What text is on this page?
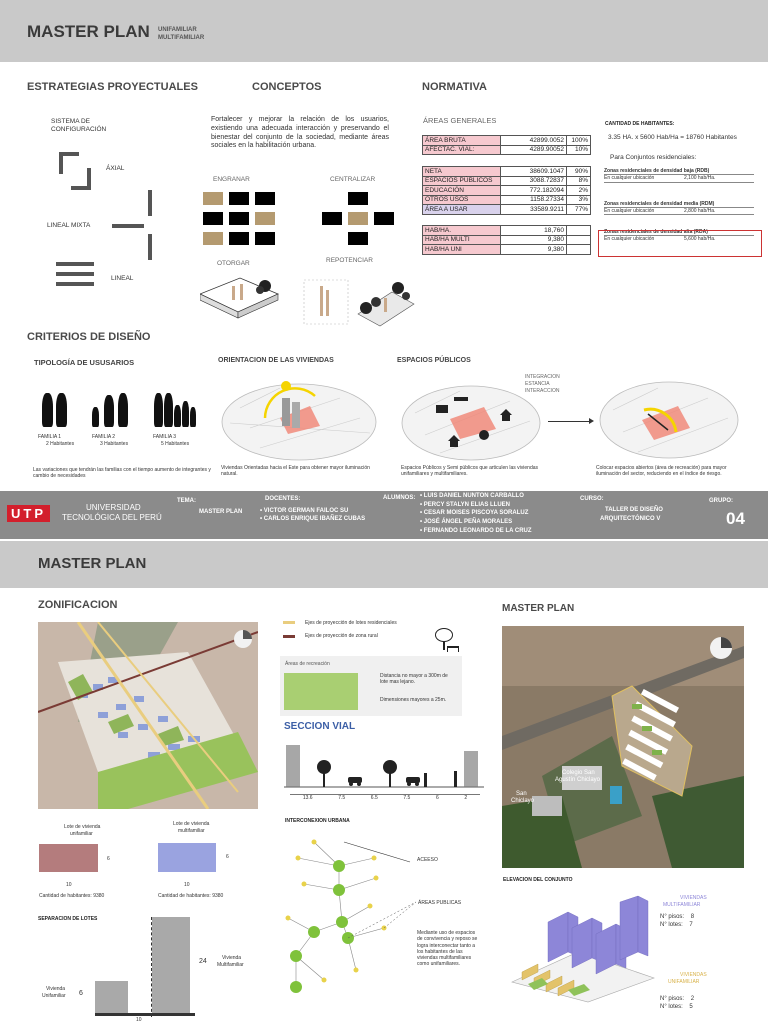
MASTER PLAN UNIFAMILIAR
MULTIFAMILIAR
ESTRATEGIAS PROYECTUALES
SISTEMA DE CONFIGURACIÓN
ÁXIAL
LINEAL MIXTA
LINEAL
CONCEPTOS
Fortalecer y mejorar la relación de los usuarios, existiendo una adecuada interacción y preservando el bienestar del conjunto de la sociedad, mediante áreas sociales en la habilitación urbana.
ENGRANAR	CENTRALIZAR
OTORGAR	REPOTENCIAR
NORMATIVA
ÁREAS GENERALES
ÁREA BRUTA	42899.0052	100%
AFECTAC. VIAL:	4289.90052	10%
NETA	38609.1047	90%
ESPACIOS PÚBLICOS	3088.72837	8%
EDUCACIÓN	772.182094	2%
OTROS USOS	1158.27334	3%
ÁREA A USAR	33589.9211	77%
HAB/HA.	18,760	
HAB/HA MULTI	9,380	
HAB/HA UNI	9,380	
CANTIDAD DE HABITANTES:
3.35 HA. x 5600 Hab/Ha = 18760 Habitantes
Para Conjuntos residenciales:
Zonas residenciales de densidad baja (RDB)
En cualquier ubicación	2,100 hab/Ha.
Zonas residenciales de densidad media (RDM)
En cualquier ubicación	2,800 hab/Ha.
Zonas residenciales de densidad alta (RDA)
En cualquier ubicación	5,600 hab/Ha.
CRITERIOS DE DISEÑO
TIPOLOGÍA DE USUSARIOS
FAMILIA 1
2 Habitantes
FAMILIA 2
3 Habitantes
FAMILIA 3
5 Habitantes
Las variaciones que tendrán las familias con el tiempo aumento de integrantes y cambio de necesidades
ORIENTACION DE LAS VIVIENDAS
Viviendas Orientadas hacia el Este para obtener mayor iluminación natural.
ESPACIOS PÚBLICOS
INTEGRACION
ESTANCIA
INTERACCION
Espacios Públicos y Semi públicos que articulen las viviendas unifamiliares y multifamiliares.
Colocar espacios abiertos (área de recreación) para mayor iluminación del sector, reduciendo en el índice de riesgo.
UTP	UNIVERSIDAD
TECNOLÓGICA DEL PERÚ
TEMA:
MASTER PLAN
DOCENTES:
• VICTOR GERMAN FAILOC SU
• CARLOS ENRIQUE IBAÑEZ CUBAS
ALUMNOS: • LUIS DANIEL NUNTON CARBALLO
• PERCY STALYN ELIAS LLUEN
• CESAR MOISES PISCOYA SORALUZ
• JOSÉ ÁNGEL PEÑA MORALES
• FERNANDO LEONARDO DE LA CRUZ
CURSO:
TALLER DE DISEÑO
ARQUITECTÓNICO V
GRUPO:
04
MASTER PLAN
ZONIFICACION
Ejes de proyección de lotes residenciales
Ejes de proyección de zona rural
Áreas de recreación
Distancia no mayor a 300m de lote mas lejano.
Dimensiones mayores a 25m.
SECCION VIAL
13.6	7.5	6.5	7.5	6	2
Lote de vivienda
unifamiliar
6
10
Cantidad de habitantes: 9380
Lote de vivienda
multifamiliar
6
10
Cantidad de habitantes: 9380
SEPARACION DE LOTES
24
6
10
Vivienda
Multifamiliar
Vivienda
Unifamiliar
INTERCONEXION URBANA
ACEESO
ÁREAS PUBLICAS
Mediante uso de espacios de convivencia y reposo se logra interconectar tanto a los habitantes de las viviendas multifamiliares como unifamiliares.
MASTER PLAN
Colegio San
Agustín Chiclayo
San
Chiclayo
ELEVACION DEL CONJUNTO
VIVIENDAS
MULTIFAMILIAR
N° pisos:    8
N° lotes:    7
VIVIENDAS
UNIFAMILIAR
N° pisos:    2
N° lotes:    5
